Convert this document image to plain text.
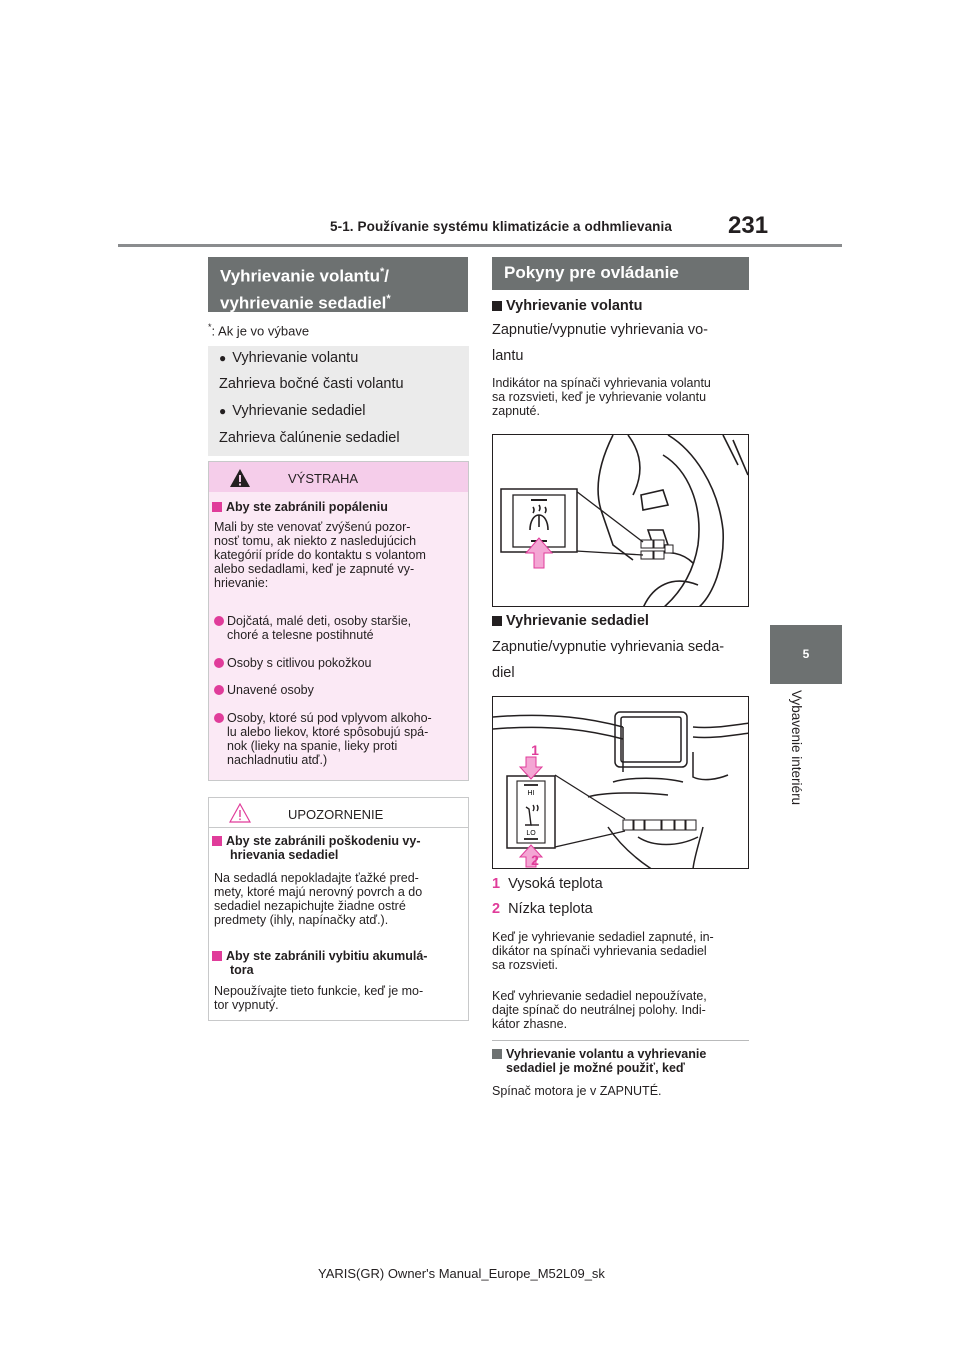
5-1. Používanie systému klimatizácie a odhmlievania 231
5
Vybavenie interiéru
Vyhrievanie volantu*/
vyhrievanie sedadiel*
*: Ak je vo výbave
● Vyhrievanie volantu
Zahrieva bočné časti volantu
● Vyhrievanie sedadiel
Zahrieva čalúnenie sedadiel
VÝSTRAHA
Aby ste zabránili popáleniu
Mali by ste venovať zvýšenú pozor-
nosť tomu, ak niekto z nasledujúcich
kategórií príde do kontaktu s volantom
alebo sedadlami, keď je zapnuté vy-
hrievanie:
Dojčatá, malé deti, osoby staršie,
choré a telesne postihnuté
Osoby s citlivou pokožkou
Unavené osoby
Osoby, ktoré sú pod vplyvom alkoho-
lu alebo liekov, ktoré spôsobujú spá-
nok (lieky na spanie, lieky proti
nachladnutiu atď.)
UPOZORNENIE
Aby ste zabránili poškodeniu vy-
hrievania sedadiel
Na sedadlá nepokladajte ťažké pred-
mety, ktoré majú nerovný povrch a do
sedadiel nezapichujte žiadne ostré
predmety (ihly, napínačky atď.).
Aby ste zabránili vybitiu akumulá-
tora
Nepoužívajte tieto funkcie, keď je mo-
tor vypnutý.
Pokyny pre ovládanie
Vyhrievanie volantu
Zapnutie/vypnutie vyhrievania vo-
lantu
Indikátor na spínači vyhrievania volantu
sa rozsvieti, keď je vyhrievanie volantu
zapnuté.
Vyhrievanie sedadiel
Zapnutie/vypnutie vyhrievania seda-
diel
HI
LO
1
2
1 Vysoká teplota
2 Nízka teplota
Keď je vyhrievanie sedadiel zapnuté, in-
dikátor na spínači vyhrievania sedadiel
sa rozsvieti.
Keď vyhrievanie sedadiel nepoužívate,
dajte spínač do neutrálnej polohy. Indi-
kátor zhasne.
Vyhrievanie volantu a vyhrievanie
sedadiel je možné použiť, keď
Spínač motora je v ZAPNUTÉ.
YARIS(GR) Owner's Manual_Europe_M52L09_sk
